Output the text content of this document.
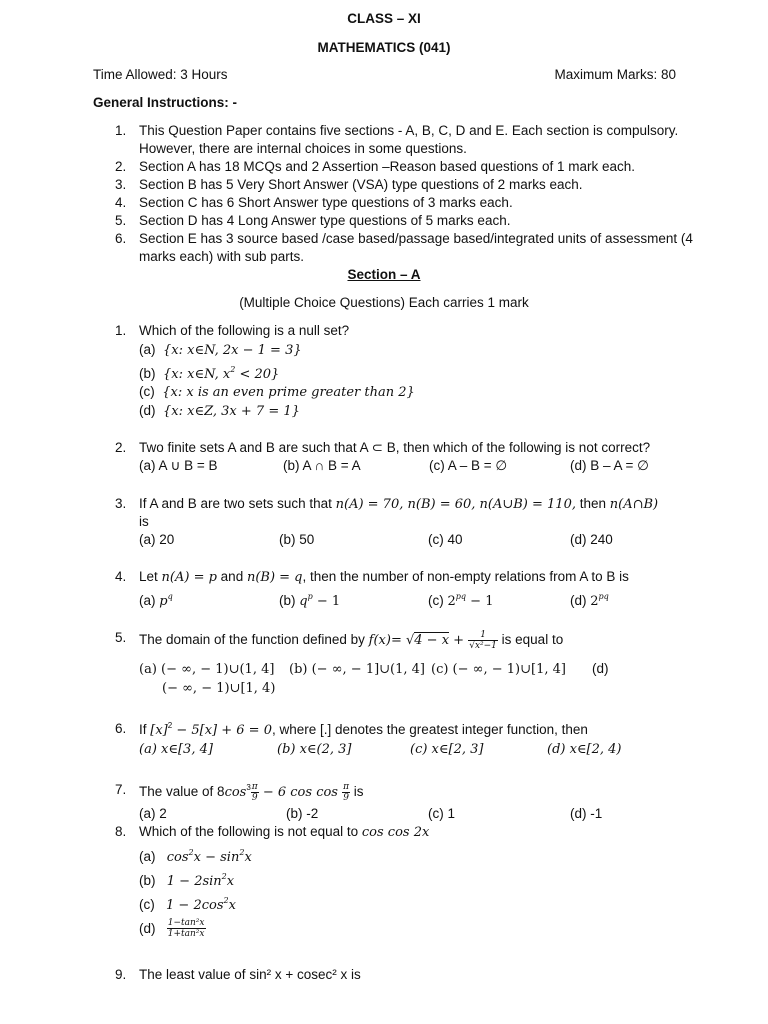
CLASS – XI
MATHEMATICS (041)
Time Allowed: 3 Hours	Maximum Marks: 80
General Instructions: -
1. This Question Paper contains five sections - A, B, C, D and E. Each section is compulsory.
However, there are internal choices in some questions.
2. Section A has 18 MCQs and 2 Assertion –Reason based questions of 1 mark each.
3. Section B has 5 Very Short Answer (VSA) type questions of 2 marks each.
4. Section C has 6 Short Answer type questions of 3 marks each.
5. Section D has 4 Long Answer type questions of 5 marks each.
6. Section E has 3 source based /case based/passage based/integrated units of assessment (4
marks each) with sub parts.
Section – A
(Multiple Choice Questions) Each carries 1 mark
1. Which of the following is a null set?
(a) {x: x∈N, 2x − 1 = 3}
(b) {x: x∈N, $x^2 < 20$}
(c) {x: x is an even prime greater than 2}
(d) {x: x∈Z, 3x + 7 = 1}
2. Two finite sets A and B are such that A ⊂ B, then which of the following is not correct?
(a) A ∪ B = B	(b) A ∩ B = A	(c) A – B = ∅	(d) B – A = ∅
3. If A and B are two sets such that n(A) = 70, n(B) = 60, n(A∪B) = 110, then n(A∩B)
is
(a) 20	(b) 50	(c) 40	(d) 240
4. Let n(A) = p and n(B) = q, then the number of non-empty relations from A to B is
(a) $p^q$	(b) $q^p - 1$	(c) $2^{pq} - 1$	(d) $2^{pq}$
5. The domain of the function defined by $f(x)= √4 - x + \frac{1}{\text{√x²−1}}$ is equal to
(a) (− ∞, − 1)∪(1, 4] (b) (− ∞, − 1]∪(1, 4] (c) (− ∞, − 1)∪[1, 4] (d)
(− ∞, − 1)∪[1, 4)
6. If $[x]^2 - 5[x] + 6 = 0$, where [.] denotes the greatest integer function, then
(a) x∈[3, 4]	(b) x∈(2, 3]	(c) x∈[2, 3]	(d) x∈[2, 4)
7. The value of $8\cos^3 \frac{\pi}{9} - 6$ $\cos \cos \frac{\pi}{9}$ is
(a) 2	(b) -2	(c) 1	(d) -1
8. Which of the following is not equal to cos cos 2x
(a) $\cos^2x - \sin^2x$
(b) $1 - 2\sin^2x$
(c) $1 - 2\cos^2x$
$(d) \frac{\text{1−tan²x}}{\text{1+tan²x}}$
9. The least value of sin² x + cosec² x is
